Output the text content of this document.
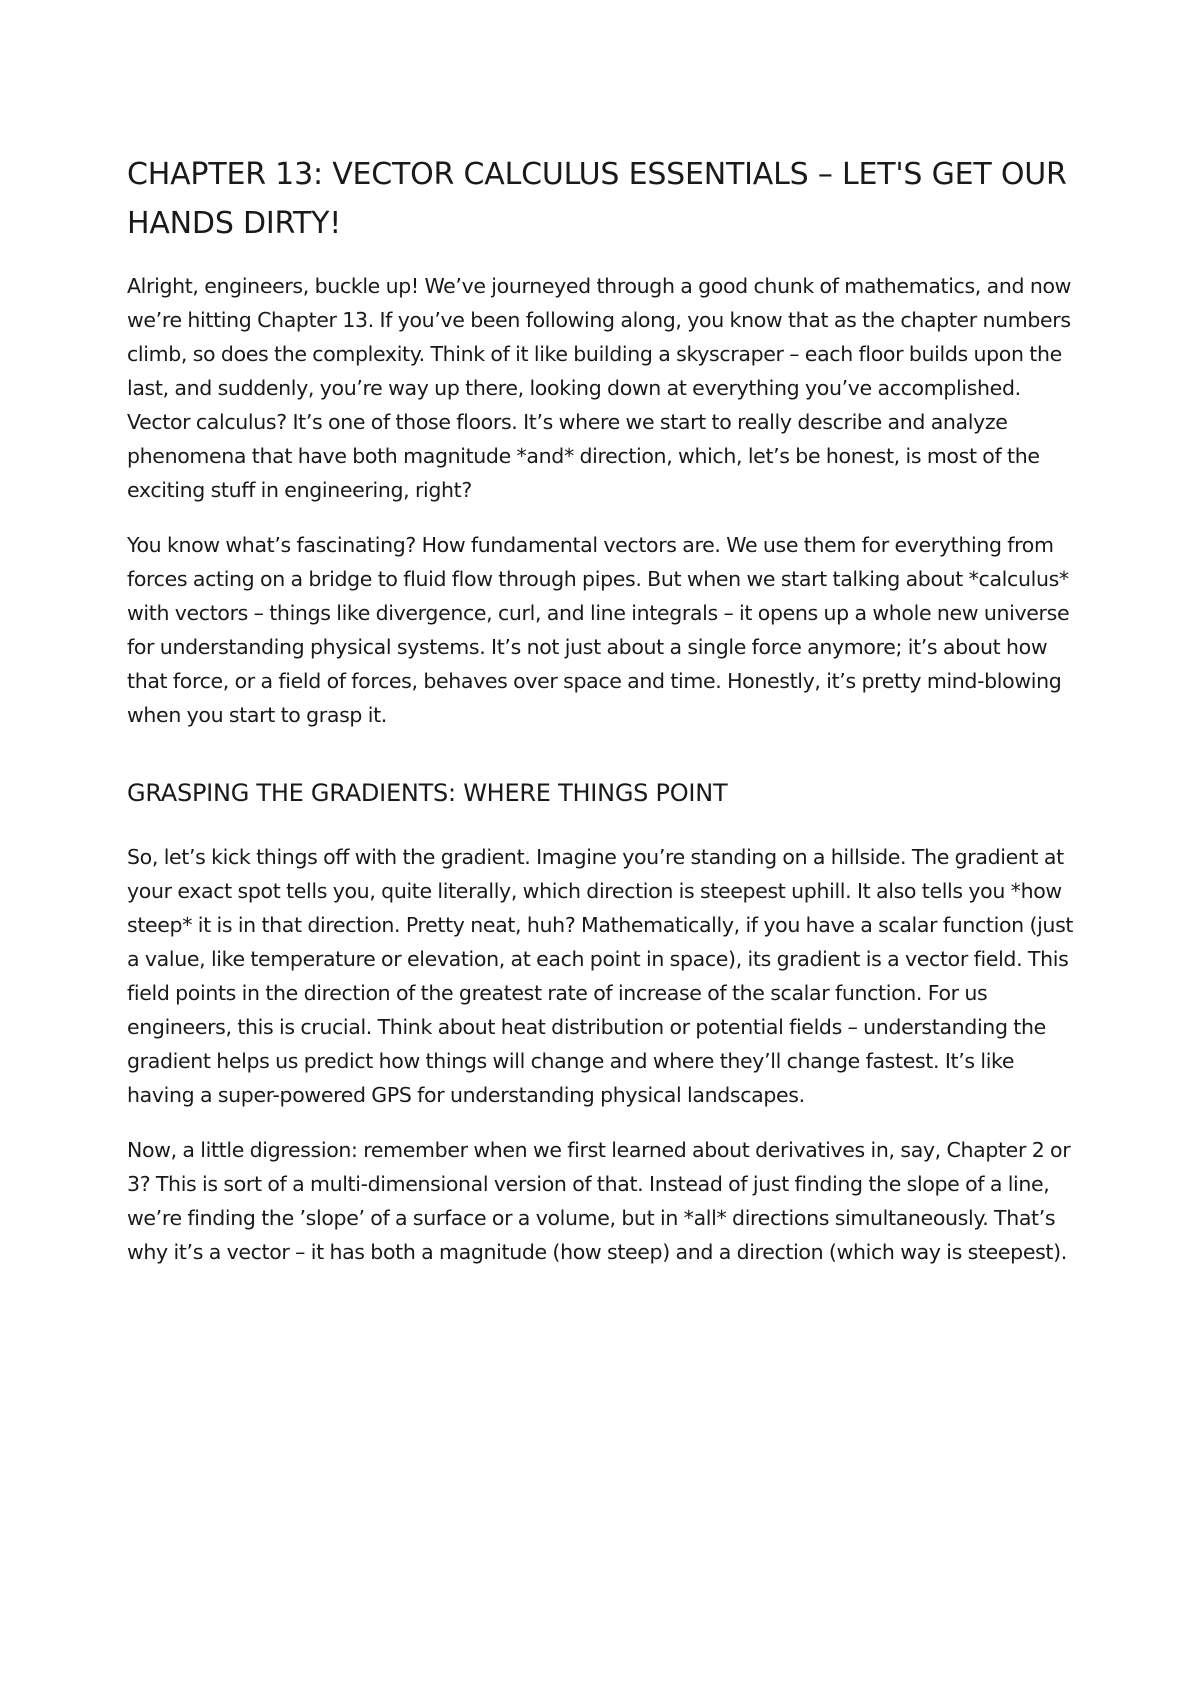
CHAPTER 13: VECTOR CALCULUS ESSENTIALS – LET'S GET OUR HANDS DIRTY!

Alright, engineers, buckle up! We’ve journeyed through a good chunk of mathematics, and now we’re hitting Chapter 13. If you’ve been following along, you know that as the chapter numbers climb, so does the complexity. Think of it like building a skyscraper – each floor builds upon the last, and suddenly, you’re way up there, looking down at everything you’ve accomplished. Vector calculus? It’s one of those floors. It’s where we start to really describe and analyze phenomena that have both magnitude *and* direction, which, let’s be honest, is most of the exciting stuff in engineering, right?

You know what’s fascinating? How fundamental vectors are. We use them for everything from forces acting on a bridge to fluid flow through pipes. But when we start talking about *calculus* with vectors – things like divergence, curl, and line integrals – it opens up a whole new universe for understanding physical systems. It’s not just about a single force anymore; it’s about how that force, or a field of forces, behaves over space and time. Honestly, it’s pretty mind-blowing when you start to grasp it.

GRASPING THE GRADIENTS: WHERE THINGS POINT

So, let’s kick things off with the gradient. Imagine you’re standing on a hillside. The gradient at your exact spot tells you, quite literally, which direction is steepest uphill. It also tells you *how steep* it is in that direction. Pretty neat, huh? Mathematically, if you have a scalar function (just a value, like temperature or elevation, at each point in space), its gradient is a vector field. This field points in the direction of the greatest rate of increase of the scalar function. For us engineers, this is crucial. Think about heat distribution or potential fields – understanding the gradient helps us predict how things will change and where they’ll change fastest. It’s like having a super-powered GPS for understanding physical landscapes.

Now, a little digression: remember when we first learned about derivatives in, say, Chapter 2 or 3? This is sort of a multi-dimensional version of that. Instead of just finding the slope of a line, we’re finding the ’slope’ of a surface or a volume, but in *all* directions simultaneously. That’s why it’s a vector – it has both a magnitude (how steep) and a direction (which way is steepest).
